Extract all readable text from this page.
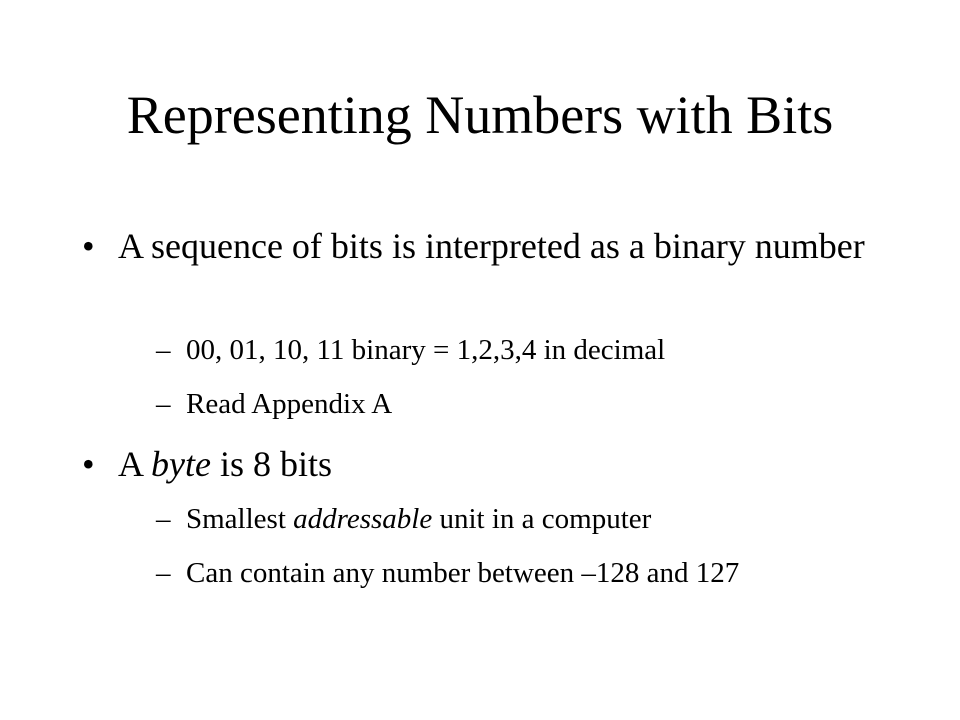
Representing Numbers with Bits
• A sequence of bits is interpreted as a binary number
– 00, 01, 10, 11 binary = 1,2,3,4 in decimal
– Read Appendix A
• A byte is 8 bits
– Smallest addressable unit in a computer
– Can contain any number between –128 and 127
